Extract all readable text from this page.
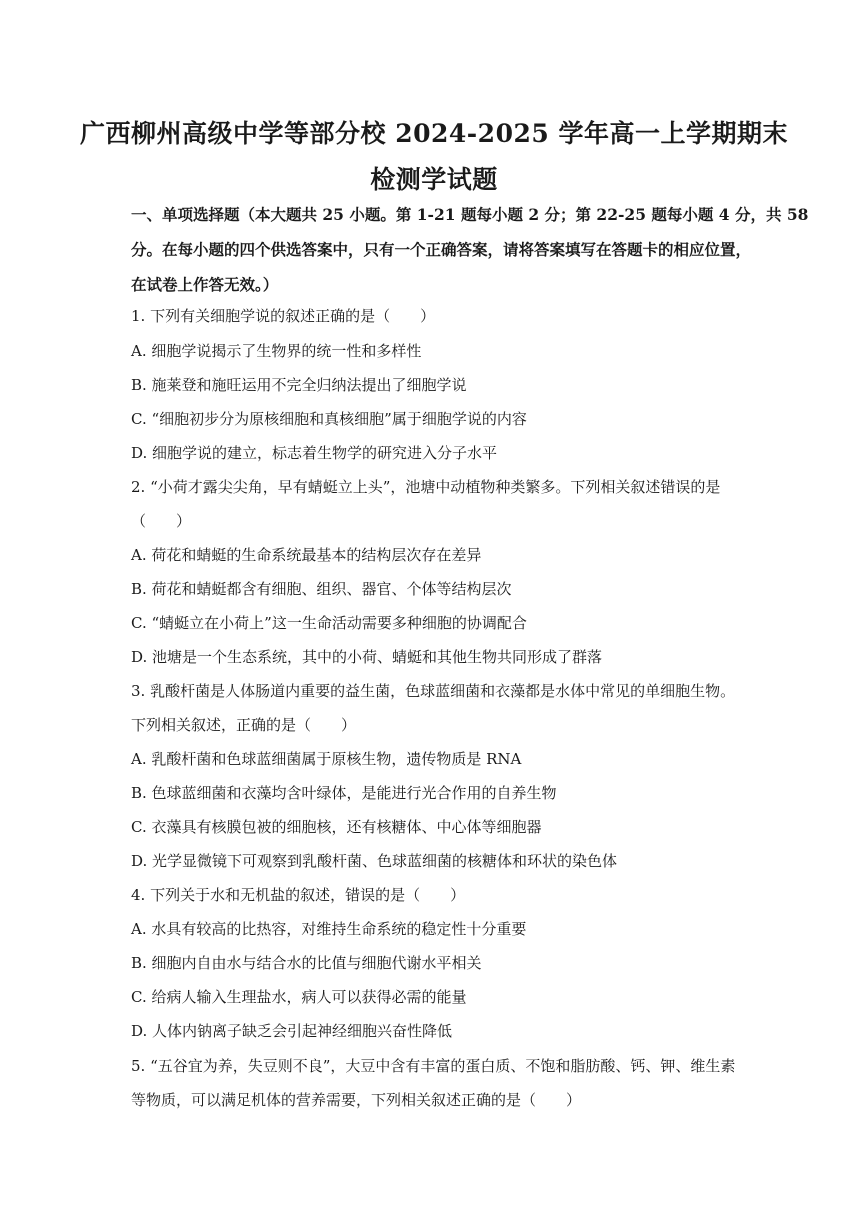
广西柳州高级中学等部分校 2024-2025 学年高一上学期期末
检测学试题
一、单项选择题（本大题共 25 小题。第 1-21 题每小题 2 分；第 22-25 题每小题 4 分，共 58
分。在每小题的四个供选答案中，只有一个正确答案，请将答案填写在答题卡的相应位置，
在试卷上作答无效。）
1. 下列有关细胞学说的叙述正确的是（　　）
A. 细胞学说揭示了生物界的统一性和多样性
B. 施莱登和施旺运用不完全归纳法提出了细胞学说
C. “细胞初步分为原核细胞和真核细胞”属于细胞学说的内容
D. 细胞学说的建立，标志着生物学的研究进入分子水平
2. “小荷才露尖尖角，早有蜻蜓立上头”，池塘中动植物种类繁多。下列相关叙述错误的是
（　　）
A. 荷花和蜻蜓的生命系统最基本的结构层次存在差异
B. 荷花和蜻蜓都含有细胞、组织、器官、个体等结构层次
C. “蜻蜓立在小荷上”这一生命活动需要多种细胞的协调配合
D. 池塘是一个生态系统，其中的小荷、蜻蜓和其他生物共同形成了群落
3. 乳酸杆菌是人体肠道内重要的益生菌，色球蓝细菌和衣藻都是水体中常见的单细胞生物。
下列相关叙述，正确的是（　　）
A. 乳酸杆菌和色球蓝细菌属于原核生物，遗传物质是 RNA
B. 色球蓝细菌和衣藻均含叶绿体，是能进行光合作用的自养生物
C. 衣藻具有核膜包被的细胞核，还有核糖体、中心体等细胞器
D. 光学显微镜下可观察到乳酸杆菌、色球蓝细菌的核糖体和环状的染色体
4. 下列关于水和无机盐的叙述，错误的是（　　）
A. 水具有较高的比热容，对维持生命系统的稳定性十分重要
B. 细胞内自由水与结合水的比值与细胞代谢水平相关
C. 给病人输入生理盐水，病人可以获得必需的能量
D. 人体内钠离子缺乏会引起神经细胞兴奋性降低
5. “五谷宜为养，失豆则不良”，大豆中含有丰富的蛋白质、不饱和脂肪酸、钙、钾、维生素
等物质，可以满足机体的营养需要，下列相关叙述正确的是（　　）
